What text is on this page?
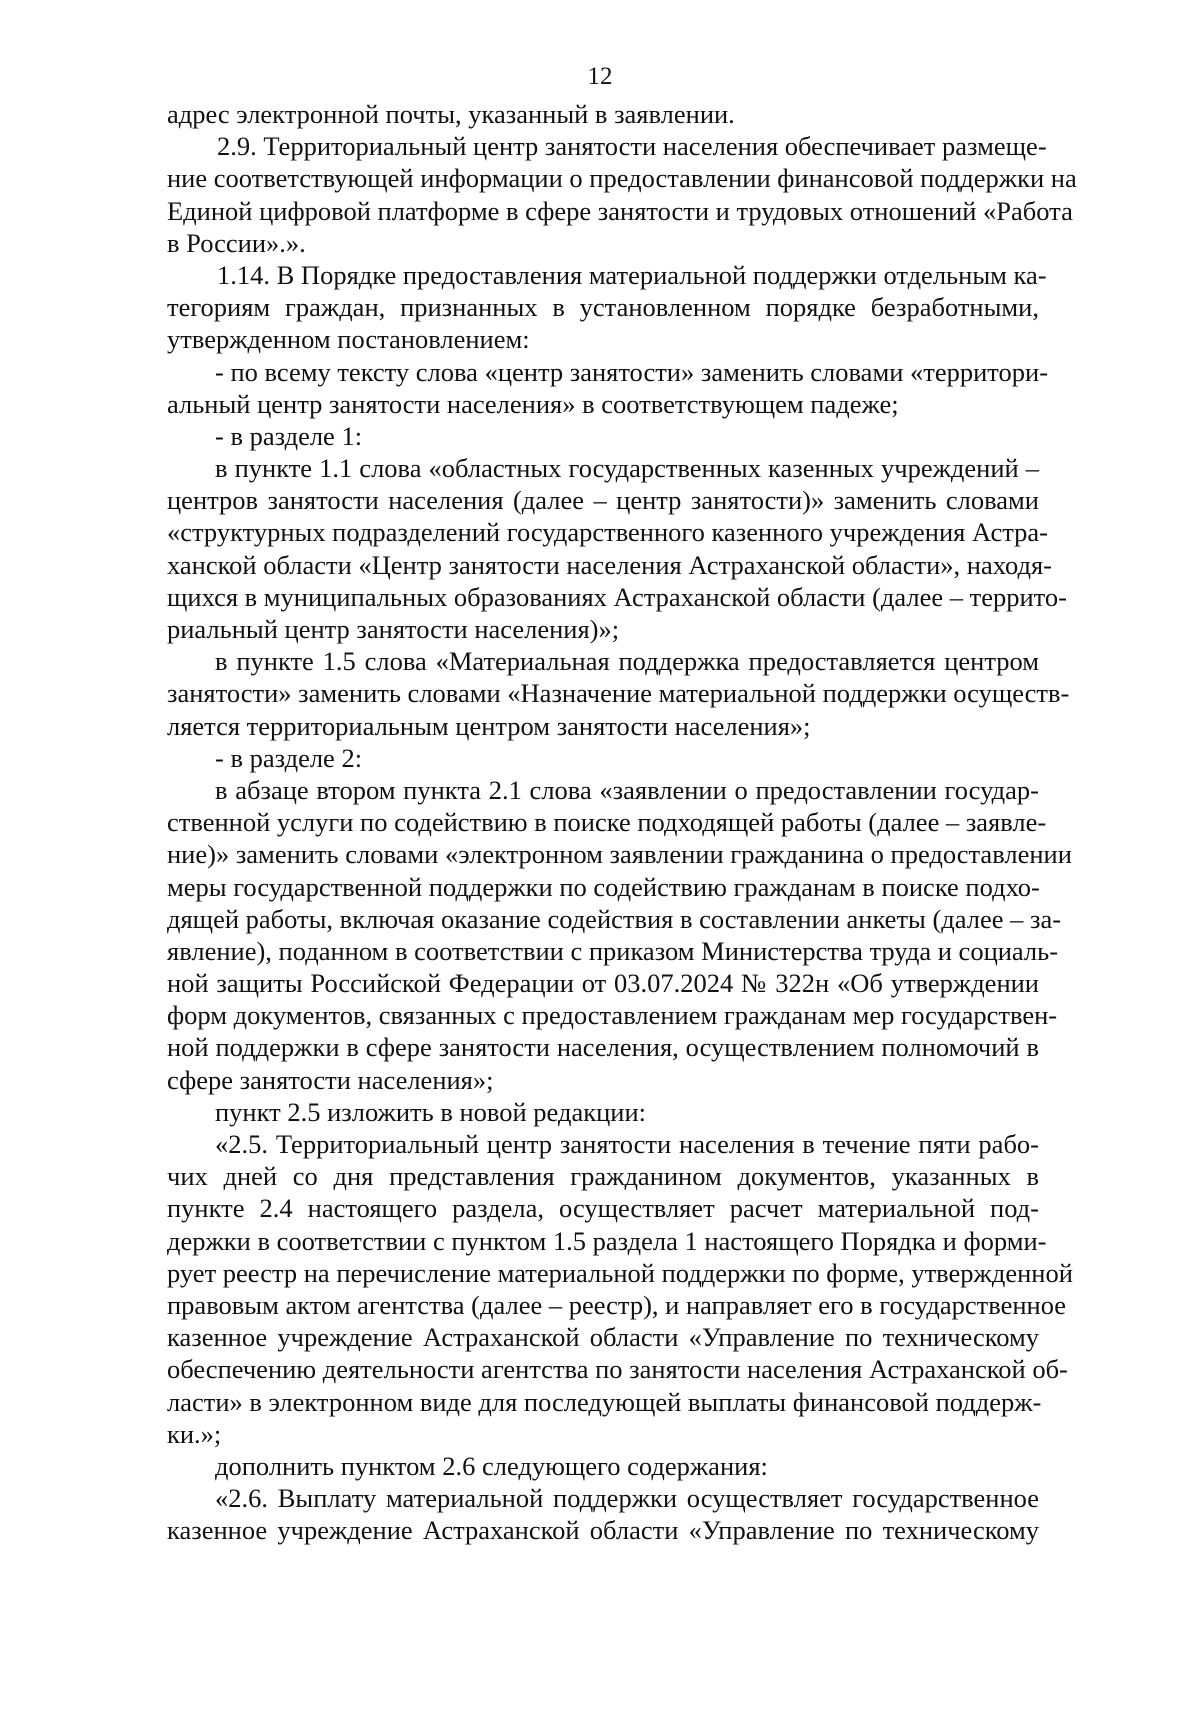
12
адрес электронной почты, указанный в заявлении.
2.9. Территориальный центр занятости населения обеспечивает размеще-
ние соответствующей информации о предоставлении финансовой поддержки на
Единой цифровой платформе в сфере занятости и трудовых отношений «Работа
в России».».
1.14. В Порядке предоставления материальной поддержки отдельным ка-
тегориям граждан, признанных в установленном порядке безработными,
утвержденном постановлением:
- по всему тексту слова «центр занятости» заменить словами «территори-
альный центр занятости населения» в соответствующем падеже;
- в разделе 1:
в пункте 1.1 слова «областных государственных казенных учреждений –
центров занятости населения (далее – центр занятости)» заменить словами
«структурных подразделений государственного казенного учреждения Астра-
ханской области «Центр занятости населения Астраханской области», находя-
щихся в муниципальных образованиях Астраханской области (далее – террито-
риальный центр занятости населения)»;
в пункте 1.5 слова «Материальная поддержка предоставляется центром
занятости» заменить словами «Назначение материальной поддержки осуществ-
ляется территориальным центром занятости населения»;
- в разделе 2:
в абзаце втором пункта 2.1 слова «заявлении о предоставлении государ-
ственной услуги по содействию в поиске подходящей работы (далее – заявле-
ние)» заменить словами «электронном заявлении гражданина о предоставлении
меры государственной поддержки по содействию гражданам в поиске подхо-
дящей работы, включая оказание содействия в составлении анкеты (далее – за-
явление), поданном в соответствии с приказом Министерства труда и социаль-
ной защиты Российской Федерации от 03.07.2024 № 322н «Об утверждении
форм документов, связанных с предоставлением гражданам мер государствен-
ной поддержки в сфере занятости населения, осуществлением полномочий в
сфере занятости населения»;
пункт 2.5 изложить в новой редакции:
«2.5. Территориальный центр занятости населения в течение пяти рабо-
чих дней со дня представления гражданином документов, указанных в
пункте 2.4 настоящего раздела, осуществляет расчет материальной под-
держки в соответствии с пунктом 1.5 раздела 1 настоящего Порядка и форми-
рует реестр на перечисление материальной поддержки по форме, утвержденной
правовым актом агентства (далее – реестр), и направляет его в государственное
казенное учреждение Астраханской области «Управление по техническому
обеспечению деятельности агентства по занятости населения Астраханской об-
ласти» в электронном виде для последующей выплаты финансовой поддерж-
ки.»;
дополнить пунктом 2.6 следующего содержания:
«2.6. Выплату материальной поддержки осуществляет государственное
казенное учреждение Астраханской области «Управление по техническому
